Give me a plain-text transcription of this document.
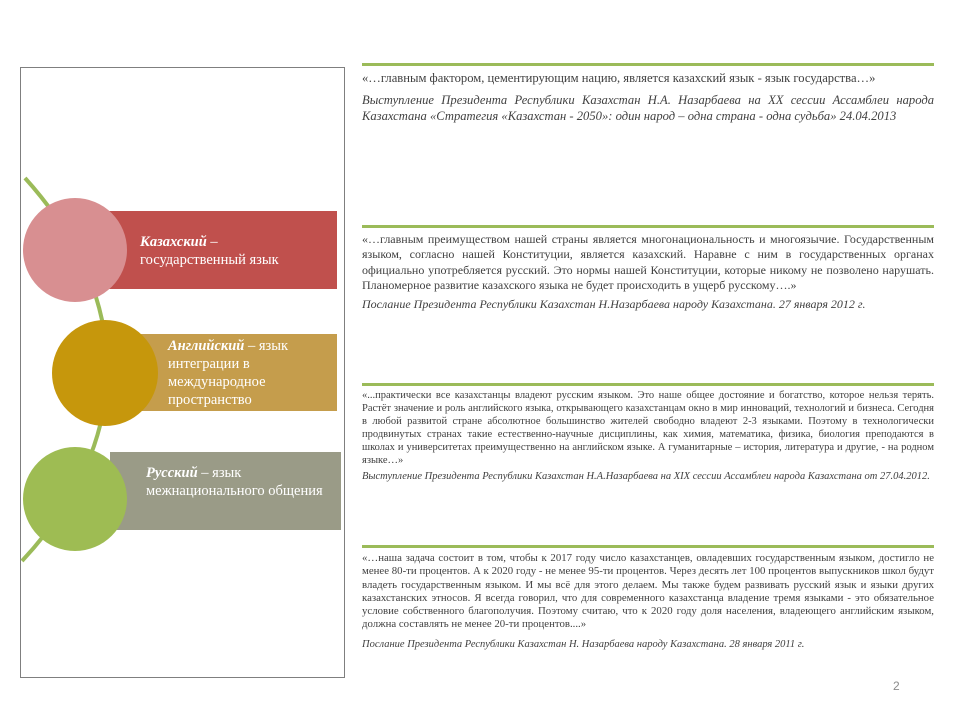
Казахский – государственный язык
Английский – язык интеграции в международное пространство
Русский – язык межнационального общения

«…главным фактором, цементирующим нацию, является казахский язык - язык государства…»

Выступление Президента Республики Казахстан Н.А. Назарбаева на XX сессии Ассамблеи народа Казахстана «Стратегия «Казахстан - 2050»: один народ – одна страна - одна судьба» 24.04.2013

«…главным преимуществом нашей страны является многонациональность и многоязычие. Государственным языком, согласно нашей Конституции, является казахский. Наравне с ним в государственных органах официально употребляется русский. Это нормы нашей Конституции, которые никому не позволено нарушать. Планомерное развитие казахского языка не будет происходить в ущерб русскому….»

Послание Президента Республики Казахстан Н.Назарбаева народу Казахстана. 27 января 2012 г.

«...практически все казахстанцы владеют русским языком. Это наше общее достояние и богатство, которое нельзя терять. Растёт значение и роль английского языка, открывающего казахстанцам окно в мир инноваций, технологий и бизнеса. Сегодня в любой развитой стране абсолютное большинство жителей свободно владеют 2-3 языками. Поэтому в технологически продвинутых странах такие естественно-научные дисциплины, как химия, математика, физика, биология преподаются в школах и университетах преимущественно на английском языке. А гуманитарные – история, литература и другие, - на родном языке…»

Выступление Президента Республики Казахстан Н.А.Назарбаева на XIX сессии Ассамблеи народа Казахстана от 27.04.2012.

«…наша задача состоит в том, чтобы к 2017 году число казахстанцев, овладевших государственным языком, достигло не менее 80-ти процентов. А к 2020 году - не менее 95-ти процентов. Через десять лет 100 процентов выпускников школ будут владеть государственным языком. И мы всё для этого делаем. Мы также будем развивать русский язык и языки других казахстанских этносов. Я всегда говорил, что для современного казахстанца владение тремя языками - это обязательное условие собственного благополучия. Поэтому считаю, что к 2020 году доля населения, владеющего английским языком, должна составлять не менее 20-ти процентов....»

Послание Президента Республики Казахстан Н. Назарбаева народу Казахстана. 28 января 2011 г.

2
